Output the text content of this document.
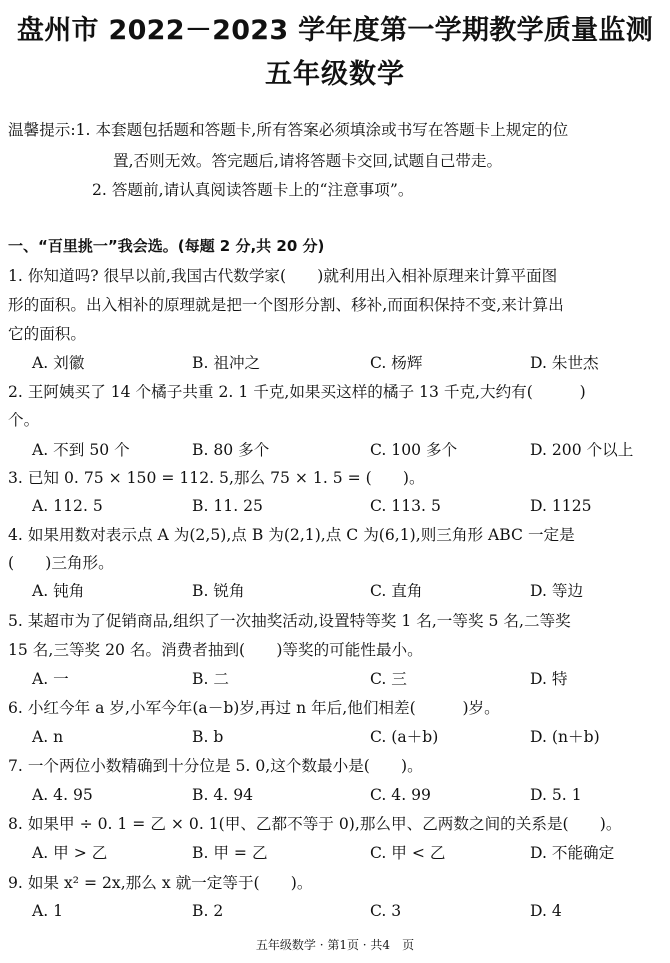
盘州市 2022－2023 学年度第一学期教学质量监测
五年级数学
温馨提示:1. 本套题包括题和答题卡,所有答案必须填涂或书写在答题卡上规定的位
置,否则无效。答完题后,请将答题卡交回,试题自己带走。
2. 答题前,请认真阅读答题卡上的“注意事项”。
一、“百里挑一”我会选。(每题 2 分,共 20 分)
1. 你知道吗? 很早以前,我国古代数学家(　　)就利用出入相补原理来计算平面图
形的面积。出入相补的原理就是把一个图形分割、移补,而面积保持不变,来计算出
它的面积。
A. 刘徽	B. 祖冲之	C. 杨辉	D. 朱世杰
2. 王阿姨买了 14 个橘子共重 2. 1 千克,如果买这样的橘子 13 千克,大约有(　　　)
个。
A. 不到 50 个	B. 80 多个	C. 100 多个	D. 200 个以上
3. 已知 0. 75 × 150 = 112. 5,那么 75 × 1. 5 = (　　)。
A. 112. 5	B. 11. 25	C. 113. 5	D. 1125
4. 如果用数对表示点 A 为(2,5),点 B 为(2,1),点 C 为(6,1),则三角形 ABC 一定是
(　　)三角形。
A. 钝角	B. 锐角	C. 直角	D. 等边
5. 某超市为了促销商品,组织了一次抽奖活动,设置特等奖 1 名,一等奖 5 名,二等奖
15 名,三等奖 20 名。消费者抽到(　　)等奖的可能性最小。
A. 一	B. 二	C. 三	D. 特
6. 小红今年 a 岁,小军今年(a－b)岁,再过 n 年后,他们相差(　　　)岁。
A. n	B. b	C. (a＋b)	D. (n＋b)
7. 一个两位小数精确到十分位是 5. 0,这个数最小是(　　)。
A. 4. 95	B. 4. 94	C. 4. 99	D. 5. 1
8. 如果甲 ÷ 0. 1 = 乙 × 0. 1(甲、乙都不等于 0),那么甲、乙两数之间的关系是(　　)。
A. 甲 > 乙	B. 甲 = 乙	C. 甲 < 乙	D. 不能确定
9. 如果 x² = 2x,那么 x 就一定等于(　　)。
A. 1	B. 2	C. 3	D. 4
五年级数学 · 第1页 · 共4　页
